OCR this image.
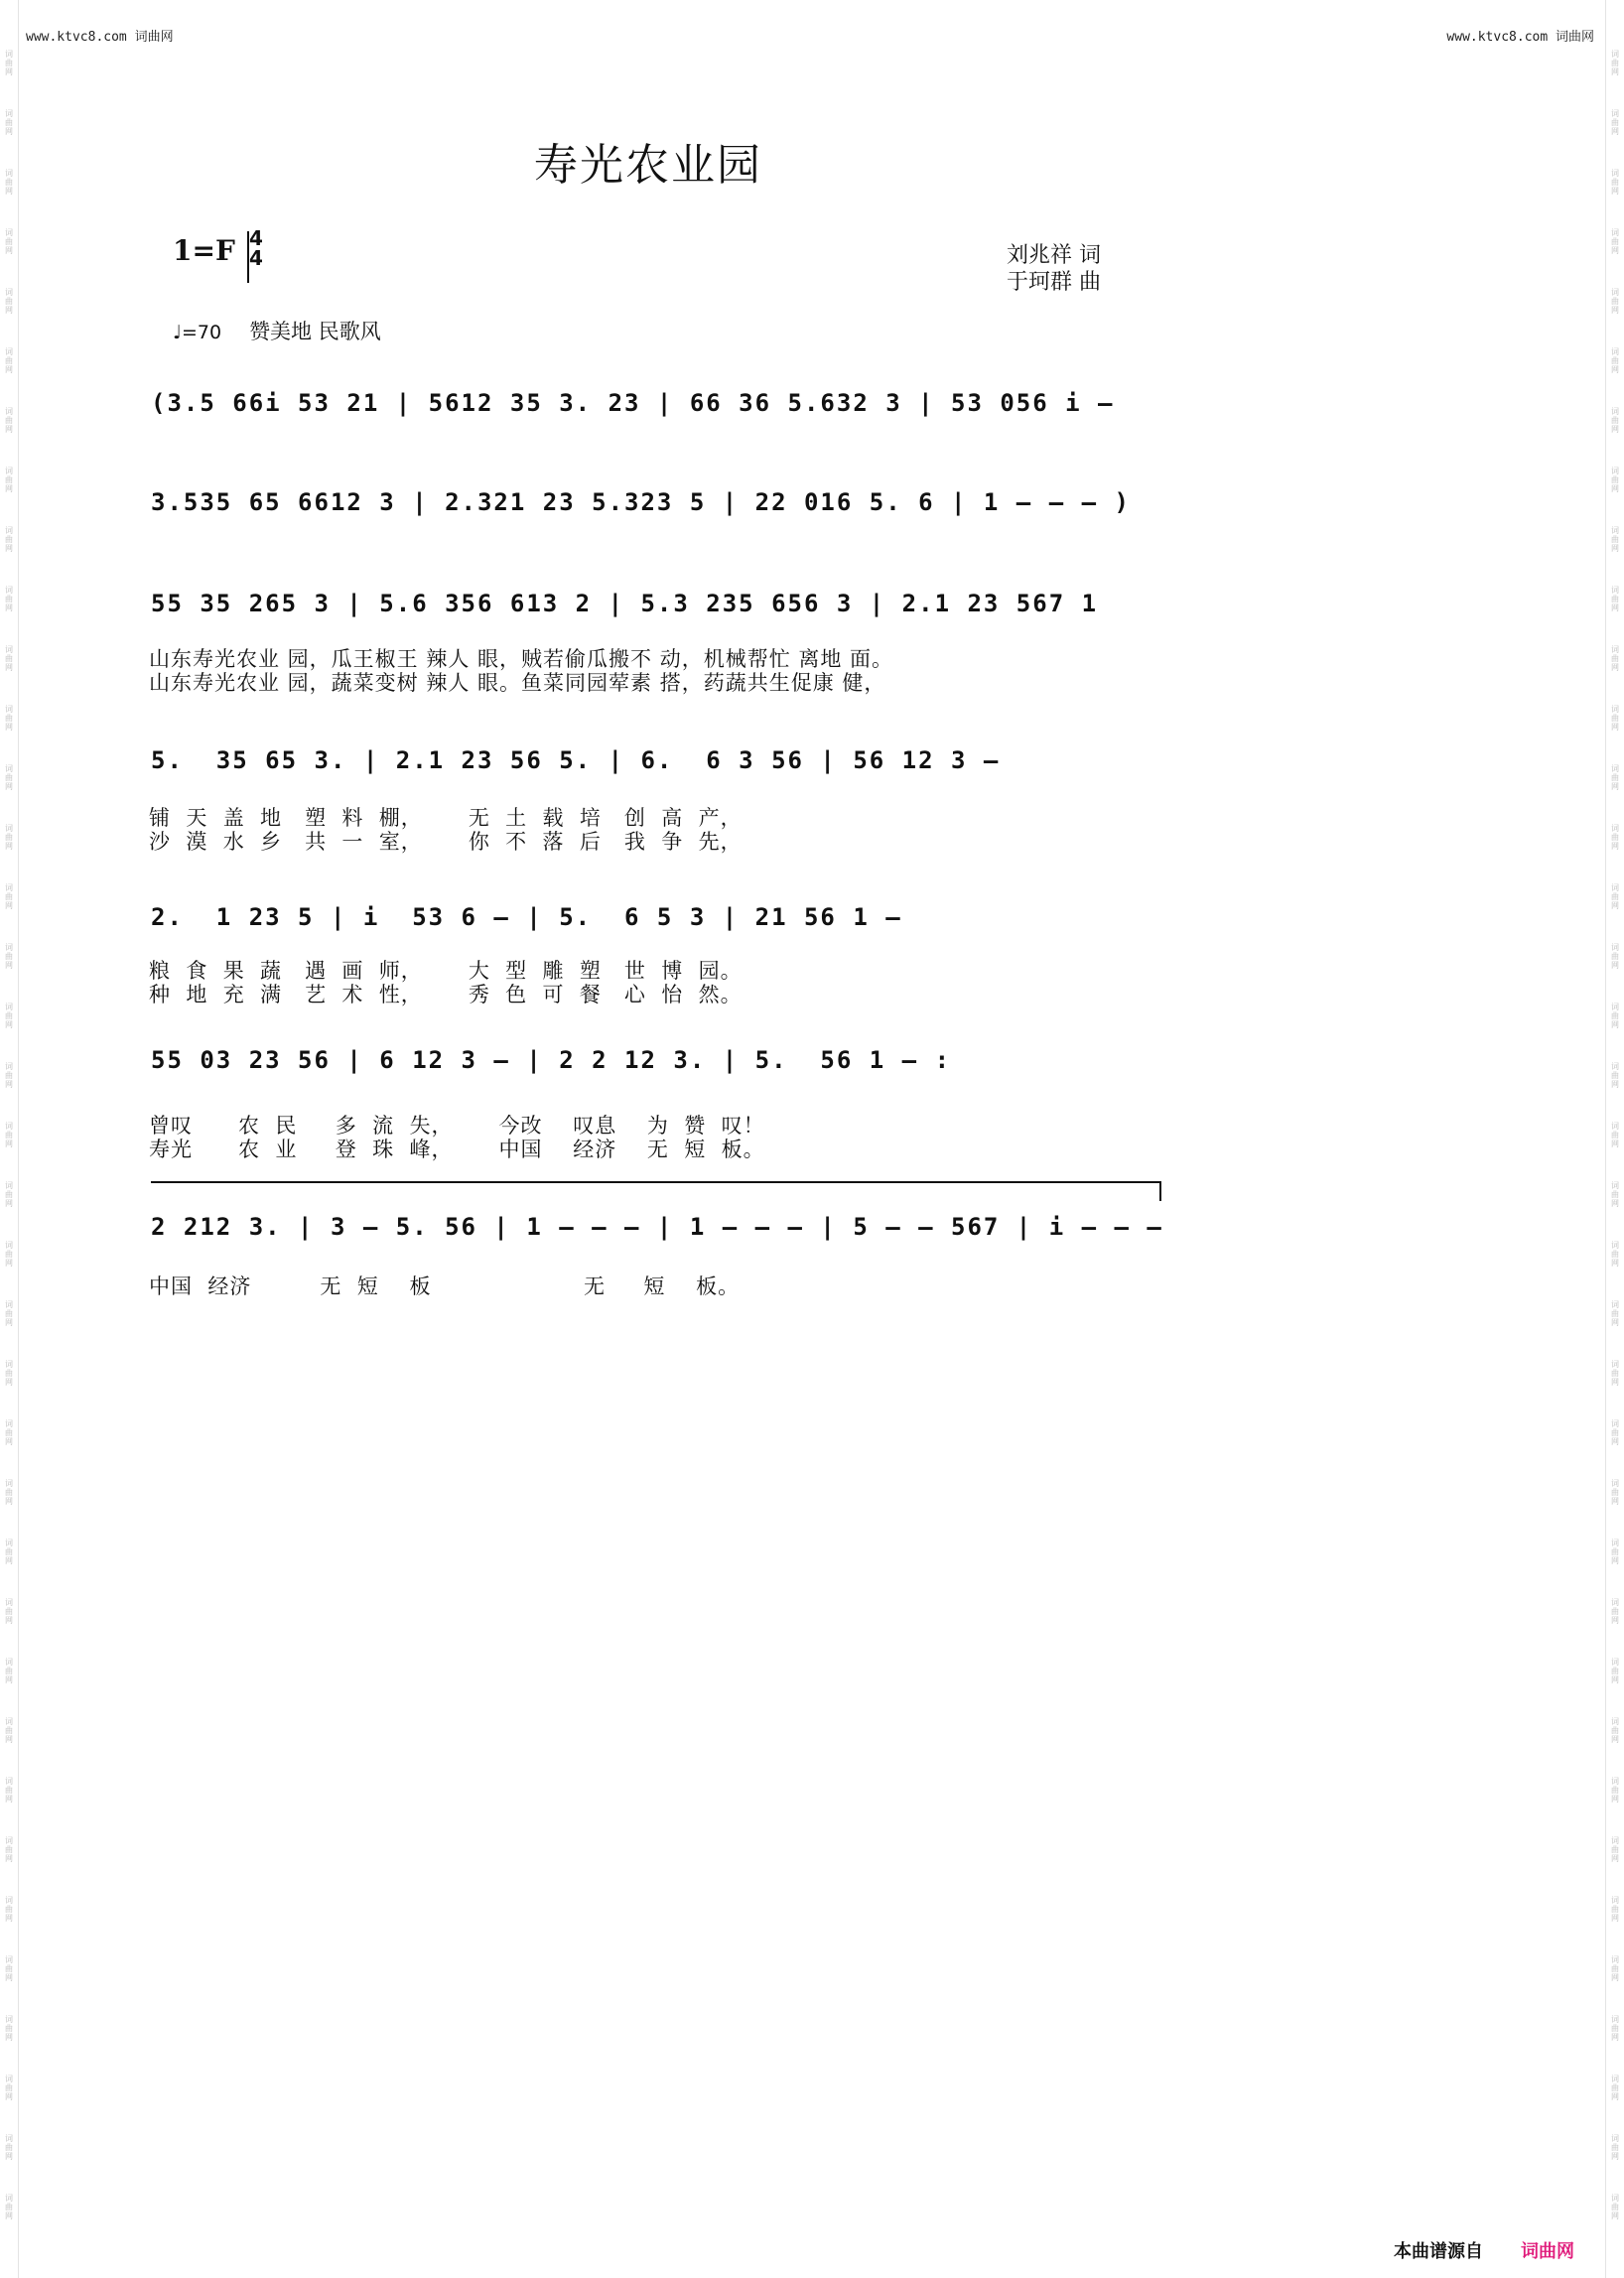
www.ktvc8.com 词曲网	www.ktvc8.com 词曲网
寿光农业园
1=F 4
4	刘兆祥 词
于珂群 曲
♩=70 赞美地 民歌风
(3.5 66i 53 21 | 5612 35 3. 23 | 66 36 5.632 3 | 53 056 i –
3.535 65 6612 3 | 2.321 23 5.323 5 | 22 016 5. 6 | 1 – – – )
55 35 265 3 | 5.6 356 613 2 | 5.3 235 656 3 | 2.1 23 567 1
山东寿光农业 园，瓜王椒王 辣人 眼，贼若偷瓜搬不 动，机械帮忙 离地 面。
山东寿光农业 园，蔬菜变树 辣人 眼。鱼菜同园荤素 搭，药蔬共生促康 健，
5.  35 65 3. | 2.1 23 56 5. | 6.  6 3 56 | 56 12 3 –
铺  天  盖  地   塑  料  棚，      无  土  载  培   创  高  产，
沙  漠  水  乡   共  一  室，      你  不  落  后   我  争  先，
2.  1 23 5 | i  53 6 – | 5.  6 5 3 | 21 56 1 –
粮  食  果  蔬   遇  画  师，      大  型  雕  塑   世  博  园。
种  地  充  满   艺  术  性，      秀  色  可  餐   心  怡  然。
55 03 23 56 | 6 12 3 – | 2 2 12 3. | 5.  56 1 – :
曾叹      农  民     多  流  失，      今改    叹息    为  赞  叹！
寿光      农  业     登  珠  峰，      中国    经济    无  短  板。
2 212 3. | 3 – 5. 56 | 1 – – – | 1 – – – | 5 – – 567 | i – – –
中国  经济         无  短    板                    无     短    板。
本曲谱源自 词曲网
词
曲
网
词
曲
网
词
曲
网
词
曲
网
词
曲
网
词
曲
网
词
曲
网
词
曲
网
词
曲
网
词
曲
网
词
曲
网
词
曲
网
词
曲
网
词
曲
网
词
曲
网
词
曲
网
词
曲
网
词
曲
网
词
曲
网
词
曲
网
词
曲
网
词
曲
网
词
曲
网
词
曲
网
词
曲
网
词
曲
网
词
曲
网
词
曲
网
词
曲
网
词
曲
网
词
曲
网
词
曲
网
词
曲
网
词
曲
网
词
曲
网
词
曲
网
词
曲
网
词
曲
网
词
曲
网
词
曲
网
词
曲
网
词
曲
网
词
曲
网
词
曲
网
词
曲
网
词
曲
网
词
曲
网
词
曲
网
词
曲
网
词
曲
网
词
曲
网
词
曲
网
词
曲
网
词
曲
网
词
曲
网
词
曲
网
词
曲
网
词
曲
网
词
曲
网
词
曲
网
词
曲
网
词
曲
网
词
曲
网
词
曲
网
词
曲
网
词
曲
网
词
曲
网
词
曲
网
词
曲
网
词
曲
网
词
曲
网
词
曲
网
词
曲
网
词
曲
网
